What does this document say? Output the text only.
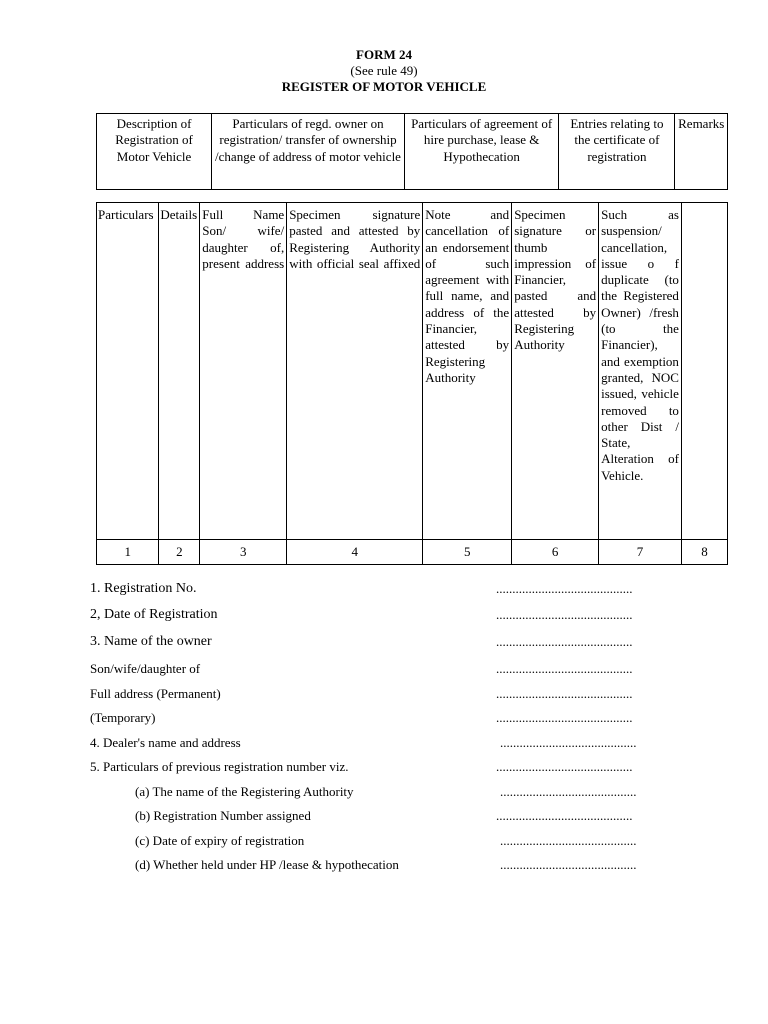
FORM 24
(See rule 49)
REGISTER OF MOTOR VEHICLE
Description of Registration of Motor Vehicle	Particulars of regd. owner on registration/ transfer of ownership /change of address of motor vehicle	Particulars of agreement of hire purchase, lease & Hypothecation	Entries relating to the certificate of registration	Remarks
Particulars	Details	Full Name Son/ wife/ daughter of, present address	Specimen signature pasted and attested by Registering Authority with official seal affixed	Note and cancellation of an endorsement of such agreement with full name, and address of the Financier, attested by Registering Authority	Specimen signature or thumb impression of Financier, pasted and attested by Registering Authority	Such as suspension/ cancellation, issue o f duplicate (to the Registered Owner) /fresh (to the Financier), and exemption granted, NOC issued, vehicle removed to other Dist / State, Alteration of Vehicle.	
1	2	3	4	5	6	7	8
1. Registration No.	..........................................
2, Date of Registration	..........................................
3. Name of the owner	..........................................
Son/wife/daughter of	..........................................
Full address (Permanent)	..........................................
(Temporary)	..........................................
4. Dealer's name and address	..........................................
5. Particulars of previous registration number viz.	..........................................
(a) The name of the Registering Authority	..........................................
(b) Registration Number assigned	..........................................
(c) Date of expiry of registration	..........................................
(d) Whether held under HP /lease & hypothecation	..........................................
